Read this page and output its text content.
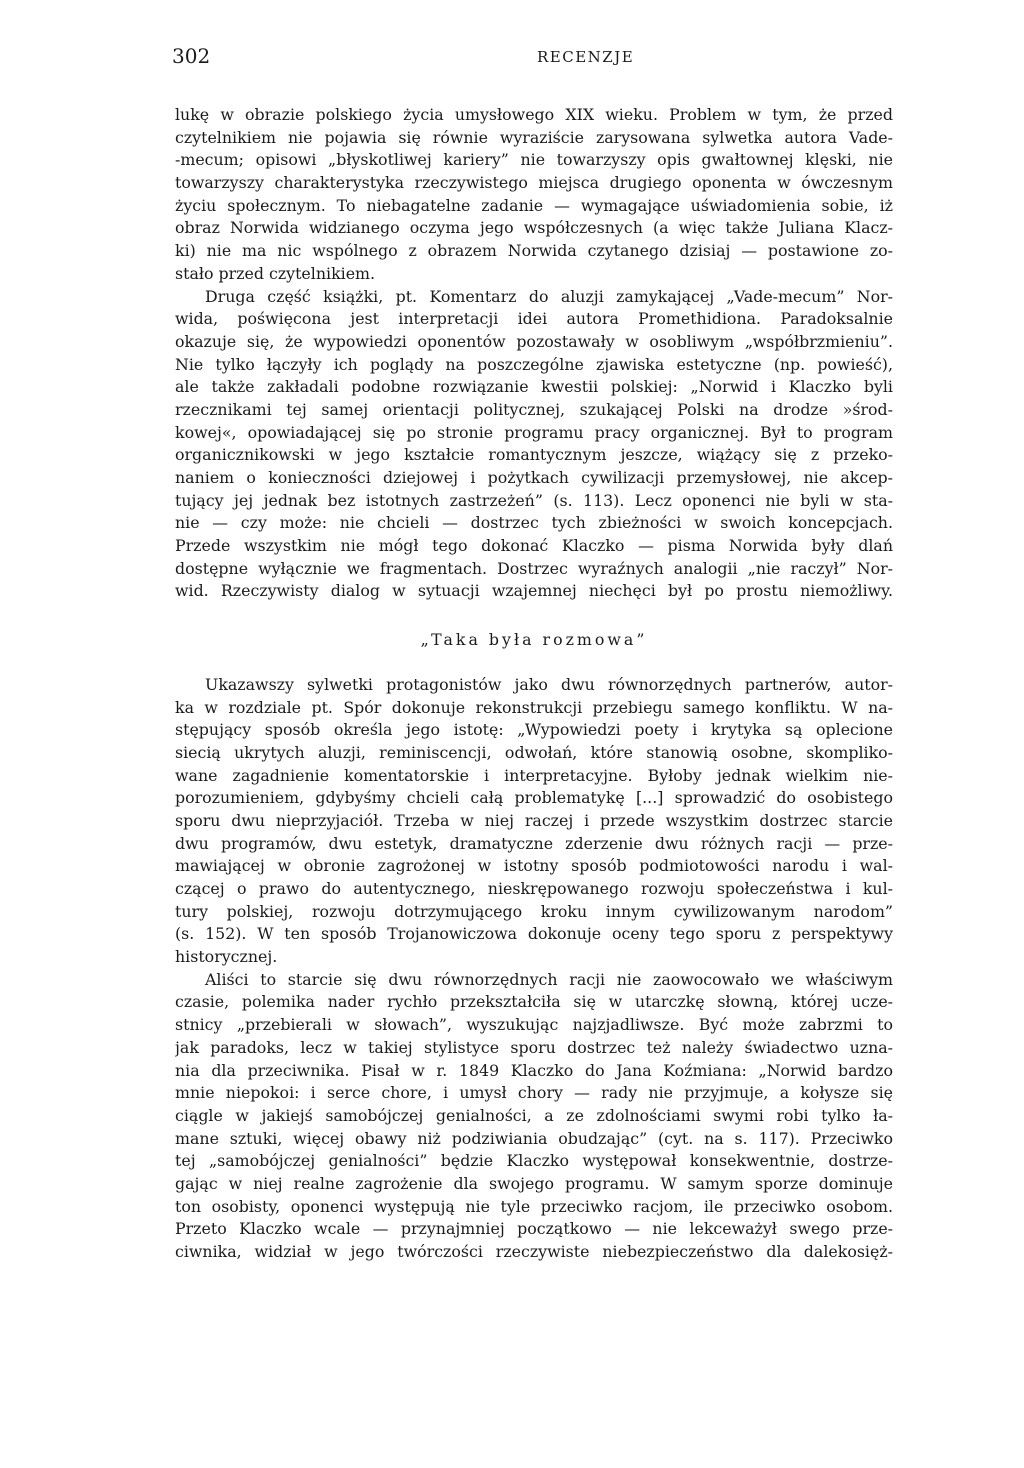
302	RECENZJE
lukę w obrazie polskiego życia umysłowego XIX wieku. Problem w tym, że przed
czytelnikiem nie pojawia się równie wyraziście zarysowana sylwetka autora Vade-
-mecum; opisowi „błyskotliwej kariery” nie towarzyszy opis gwałtownej klęski, nie
towarzyszy charakterystyka rzeczywistego miejsca drugiego oponenta w ówczesnym
życiu społecznym. To niebagatelne zadanie — wymagające uświadomienia sobie, iż
obraz Norwida widzianego oczyma jego współczesnych (a więc także Juliana Klacz-
ki) nie ma nic wspólnego z obrazem Norwida czytanego dzisiaj — postawione zo-
stało przed czytelnikiem.
Druga część książki, pt. Komentarz do aluzji zamykającej „Vade-mecum” Nor-
wida, poświęcona jest interpretacji idei autora Promethidiona. Paradoksalnie
okazuje się, że wypowiedzi oponentów pozostawały w osobliwym „współbrzmieniu”.
Nie tylko łączyły ich poglądy na poszczególne zjawiska estetyczne (np. powieść),
ale także zakładali podobne rozwiązanie kwestii polskiej: „Norwid i Klaczko byli
rzecznikami tej samej orientacji politycznej, szukającej Polski na drodze »środ-
kowej«, opowiadającej się po stronie programu pracy organicznej. Był to program
organicznikowski w jego kształcie romantycznym jeszcze, wiążący się z przeko-
naniem o konieczności dziejowej i pożytkach cywilizacji przemysłowej, nie akcep-
tujący jej jednak bez istotnych zastrzeżeń” (s. 113). Lecz oponenci nie byli w sta-
nie — czy może: nie chcieli — dostrzec tych zbieżności w swoich koncepcjach.
Przede wszystkim nie mógł tego dokonać Klaczko — pisma Norwida były dlań
dostępne wyłącznie we fragmentach. Dostrzec wyraźnych analogii „nie raczył” Nor-
wid. Rzeczywisty dialog w sytuacji wzajemnej niechęci był po prostu niemożliwy.
„Taka była rozmowa”
Ukazawszy sylwetki protagonistów jako dwu równorzędnych partnerów, autor-
ka w rozdziale pt. Spór dokonuje rekonstrukcji przebiegu samego konfliktu. W na-
stępujący sposób określa jego istotę: „Wypowiedzi poety i krytyka są oplecione
siecią ukrytych aluzji, reminiscencji, odwołań, które stanowią osobne, skompliko-
wane zagadnienie komentatorskie i interpretacyjne. Byłoby jednak wielkim nie-
porozumieniem, gdybyśmy chcieli całą problematykę [...] sprowadzić do osobistego
sporu dwu nieprzyjaciół. Trzeba w niej raczej i przede wszystkim dostrzec starcie
dwu programów, dwu estetyk, dramatyczne zderzenie dwu różnych racji — prze-
mawiającej w obronie zagrożonej w istotny sposób podmiotowości narodu i wal-
czącej o prawo do autentycznego, nieskrępowanego rozwoju społeczeństwa i kul-
tury polskiej, rozwoju dotrzymującego kroku innym cywilizowanym narodom”
(s. 152). W ten sposób Trojanowiczowa dokonuje oceny tego sporu z perspektywy
historycznej.
Aliści to starcie się dwu równorzędnych racji nie zaowocowało we właściwym
czasie, polemika nader rychło przekształciła się w utarczkę słowną, której ucze-
stnicy „przebierali w słowach”, wyszukując najzjadliwsze. Być może zabrzmi to
jak paradoks, lecz w takiej stylistyce sporu dostrzec też należy świadectwo uzna-
nia dla przeciwnika. Pisał w r. 1849 Klaczko do Jana Koźmiana: „Norwid bardzo
mnie niepokoi: i serce chore, i umysł chory — rady nie przyjmuje, a kołysze się
ciągle w jakiejś samobójczej genialności, a ze zdolnościami swymi robi tylko ła-
mane sztuki, więcej obawy niż podziwiania obudzając” (cyt. na s. 117). Przeciwko
tej „samobójczej genialności” będzie Klaczko występował konsekwentnie, dostrze-
gając w niej realne zagrożenie dla swojego programu. W samym sporze dominuje
ton osobisty, oponenci występują nie tyle przeciwko racjom, ile przeciwko osobom.
Przeto Klaczko wcale — przynajmniej początkowo — nie lekceważył swego prze-
ciwnika, widział w jego twórczości rzeczywiste niebezpieczeństwo dla dalekosięż-
